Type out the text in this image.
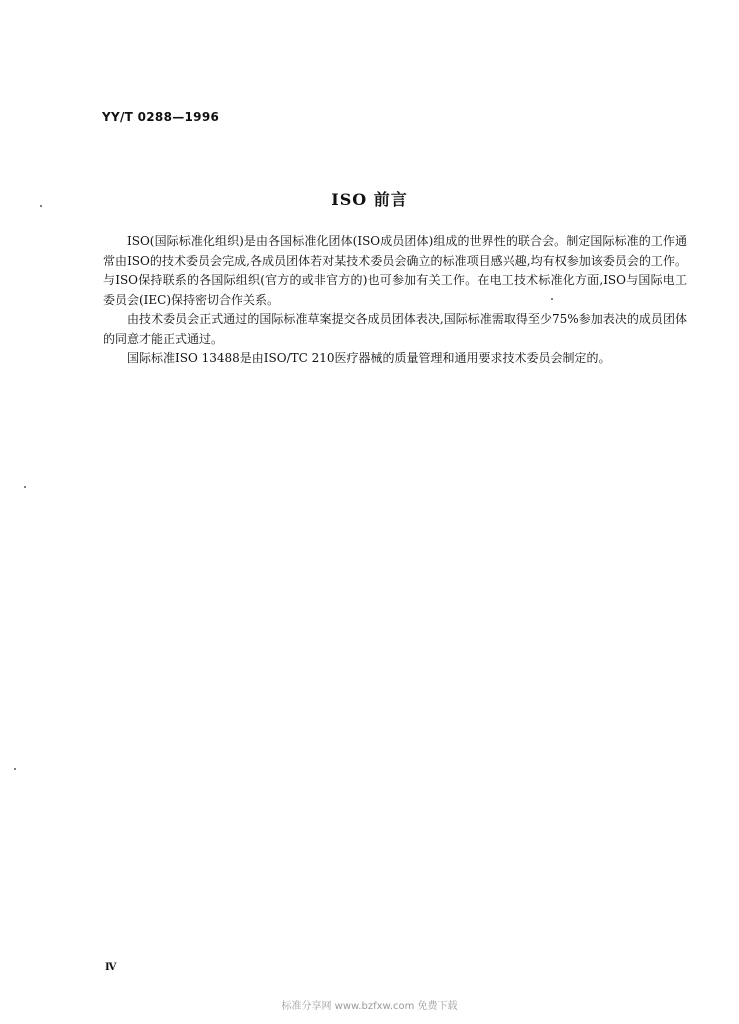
YY/T 0288—1996
ISO 前言

ISO(国际标准化组织)是由各国标准化团体(ISO成员团体)组成的世界性的联合会。制定国际标准的工作通常由ISO的技术委员会完成,各成员团体若对某技术委员会确立的标准项目感兴趣,均有权参加该委员会的工作。与ISO保持联系的各国际组织(官方的或非官方的)也可参加有关工作。在电工技术标准化方面,ISO与国际电工委员会(IEC)保持密切合作关系。

由技术委员会正式通过的国际标准草案提交各成员团体表决,国际标准需取得至少75%参加表决的成员团体的同意才能正式通过。

国际标准ISO 13488是由ISO/TC 210医疗器械的质量管理和通用要求技术委员会制定的。

Ⅳ
标准分享网 www.bzfxw.com 免费下载
